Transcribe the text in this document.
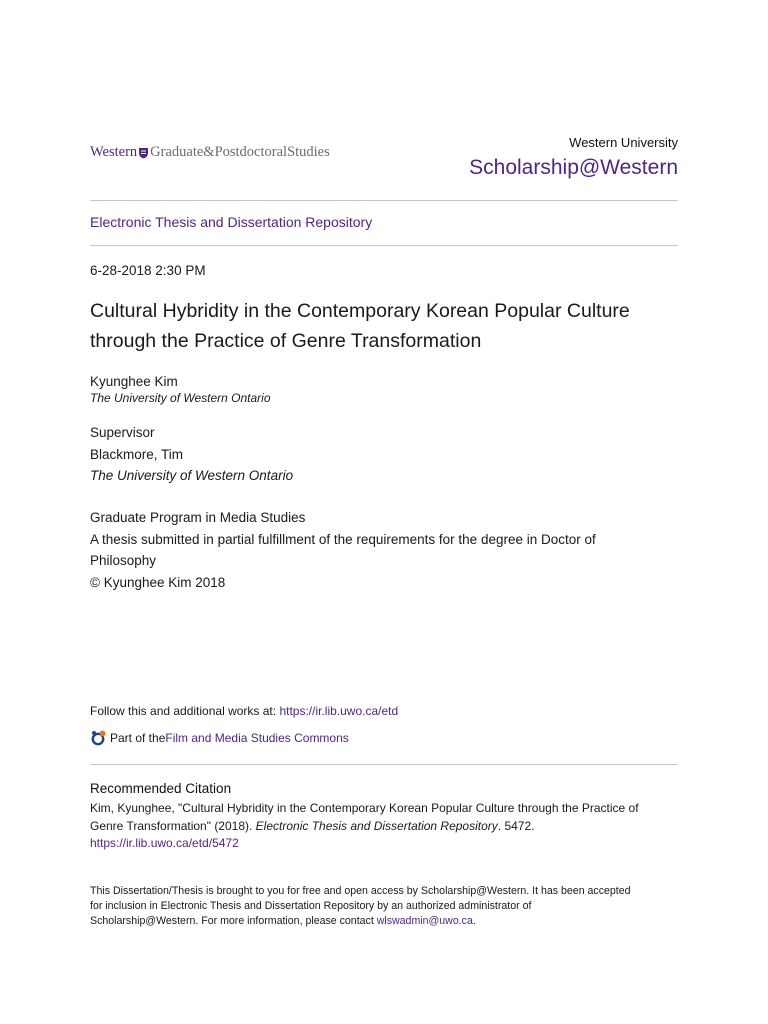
Western Graduate&PostdoctoralStudies
Western University
Scholarship@Western
Electronic Thesis and Dissertation Repository
6-28-2018 2:30 PM
Cultural Hybridity in the Contemporary Korean Popular Culture
through the Practice of Genre Transformation
Kyunghee Kim
The University of Western Ontario
Supervisor
Blackmore, Tim
The University of Western Ontario
Graduate Program in Media Studies
A thesis submitted in partial fulfillment of the requirements for the degree in Doctor of
Philosophy
© Kyunghee Kim 2018
Follow this and additional works at: https://ir.lib.uwo.ca/etd
Part of the Film and Media Studies Commons
Recommended Citation
Kim, Kyunghee, "Cultural Hybridity in the Contemporary Korean Popular Culture through the Practice of
Genre Transformation" (2018). Electronic Thesis and Dissertation Repository. 5472.
https://ir.lib.uwo.ca/etd/5472
This Dissertation/Thesis is brought to you for free and open access by Scholarship@Western. It has been accepted
for inclusion in Electronic Thesis and Dissertation Repository by an authorized administrator of
Scholarship@Western. For more information, please contact wlswadmin@uwo.ca.
